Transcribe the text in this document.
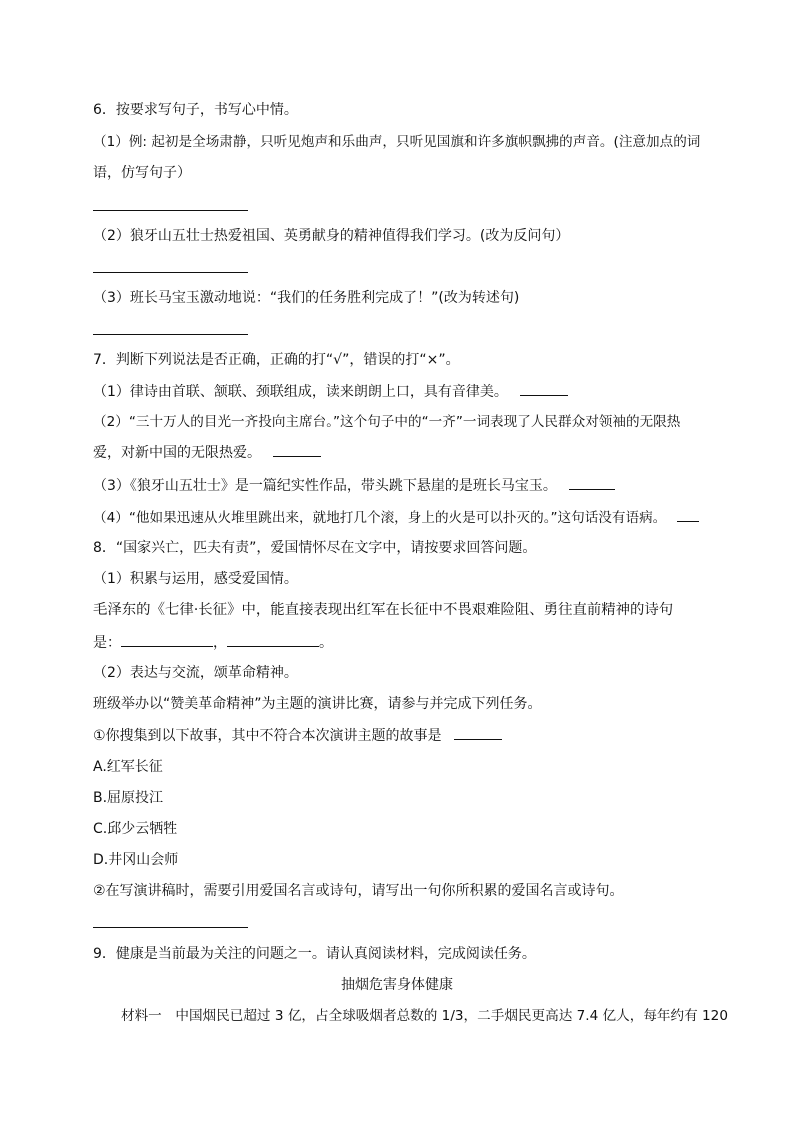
6．按要求写句子，书写心中情。
（1）例: 起初是全场肃静，只听见炮声和乐曲声，只听见国旗和许多旗帜飘拂的声音。(注意加点的词
语，仿写句子）
（2）狼牙山五壮士热爱祖国、英勇献身的精神值得我们学习。(改为反问句）
（3）班长马宝玉激动地说：“我们的任务胜利完成了！”(改为转述句)
7．判断下列说法是否正确，正确的打“√”，错误的打“×”。
（1）律诗由首联、颔联、颈联组成，读来朗朗上口，具有音律美。
（2）“三十万人的目光一齐投向主席台。”这个句子中的“一齐”一词表现了人民群众对领袖的无限热
爱，对新中国的无限热爱。
（3）《狼牙山五壮士》是一篇纪实性作品，带头跳下悬崖的是班长马宝玉。
（4）“他如果迅速从火堆里跳出来，就地打几个滚，身上的火是可以扑灭的。”这句话没有语病。
8．“国家兴亡，匹夫有责”，爱国情怀尽在文字中，请按要求回答问题。
（1）积累与运用，感受爱国情。
毛泽东的《七律·长征》中，能直接表现出红军在长征中不畏艰难险阻、勇往直前精神的诗句
是：	，	。
（2）表达与交流，颂革命精神。
班级举办以“赞美革命精神”为主题的演讲比赛，请参与并完成下列任务。
①你搜集到以下故事，其中不符合本次演讲主题的故事是
A.红军长征
B.屈原投江
C.邱少云牺牲
D.井冈山会师
②在写演讲稿时，需要引用爱国名言或诗句，请写出一句你所积累的爱国名言或诗句。
9．健康是当前最为关注的问题之一。请认真阅读材料，完成阅读任务。
抽烟危害身体健康
材料一　中国烟民已超过 3 亿，占全球吸烟者总数的 1/3，二手烟民更高达 7.4 亿人，每年约有 120
